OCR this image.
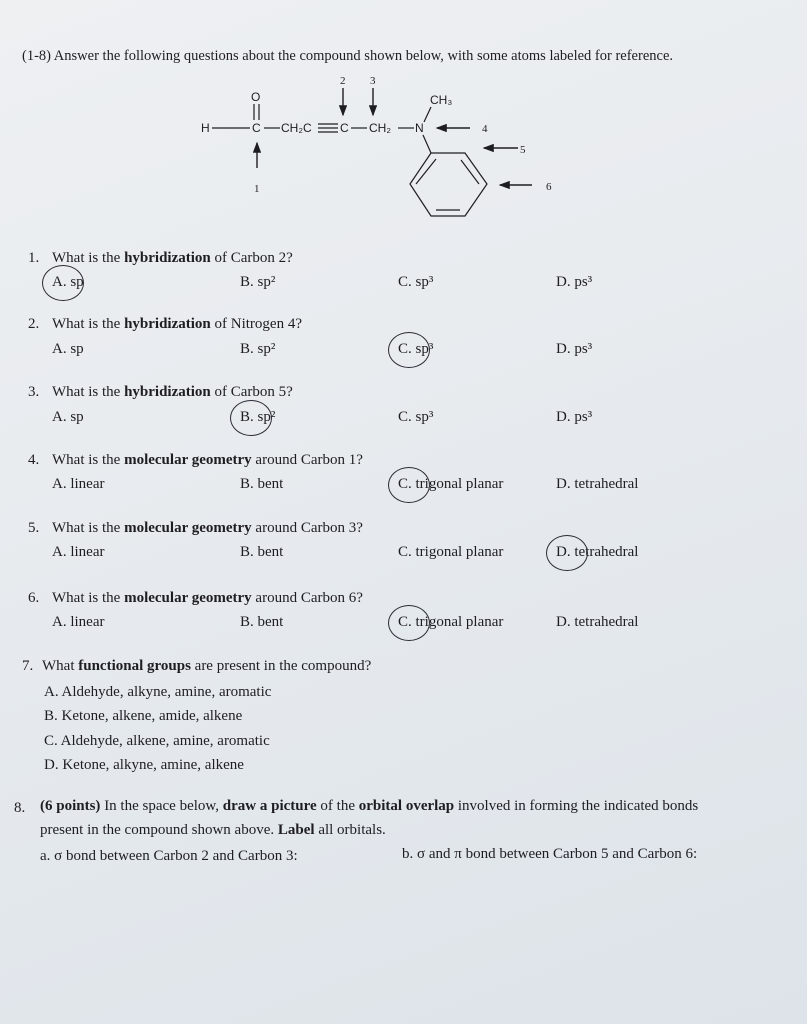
(1-8) Answer the following questions about the compound shown below, with some atoms labeled for reference.
O
H	C CH₂C C CH₂ N
CH₃
1
2 3
4
5
6
1. What is the hybridization of Carbon 2?
A. sp	B. sp²	C. sp³	D. ps³
2. What is the hybridization of Nitrogen 4?
A. sp	B. sp²	C. sp³	D. ps³
3. What is the hybridization of Carbon 5?
A. sp	B. sp²	C. sp³	D. ps³
4. What is the molecular geometry around Carbon 1?
A. linear	B. bent	C. trigonal planar	D. tetrahedral
5. What is the molecular geometry around Carbon 3?
A. linear	B. bent	C. trigonal planar	D. tetrahedral
6. What is the molecular geometry around Carbon 6?
A. linear	B. bent	C. trigonal planar	D. tetrahedral
7. What functional groups are present in the compound?
A. Aldehyde, alkyne, amine, aromatic
B. Ketone, alkene, amide, alkene
C. Aldehyde, alkene, amine, aromatic
D. Ketone, alkyne, amine, alkene
8. (6 points) In the space below, draw a picture of the orbital overlap involved in forming the indicated bonds
present in the compound shown above. Label all orbitals.
a. σ bond between Carbon 2 and Carbon 3:	b. σ and π bond between Carbon 5 and Carbon 6:
